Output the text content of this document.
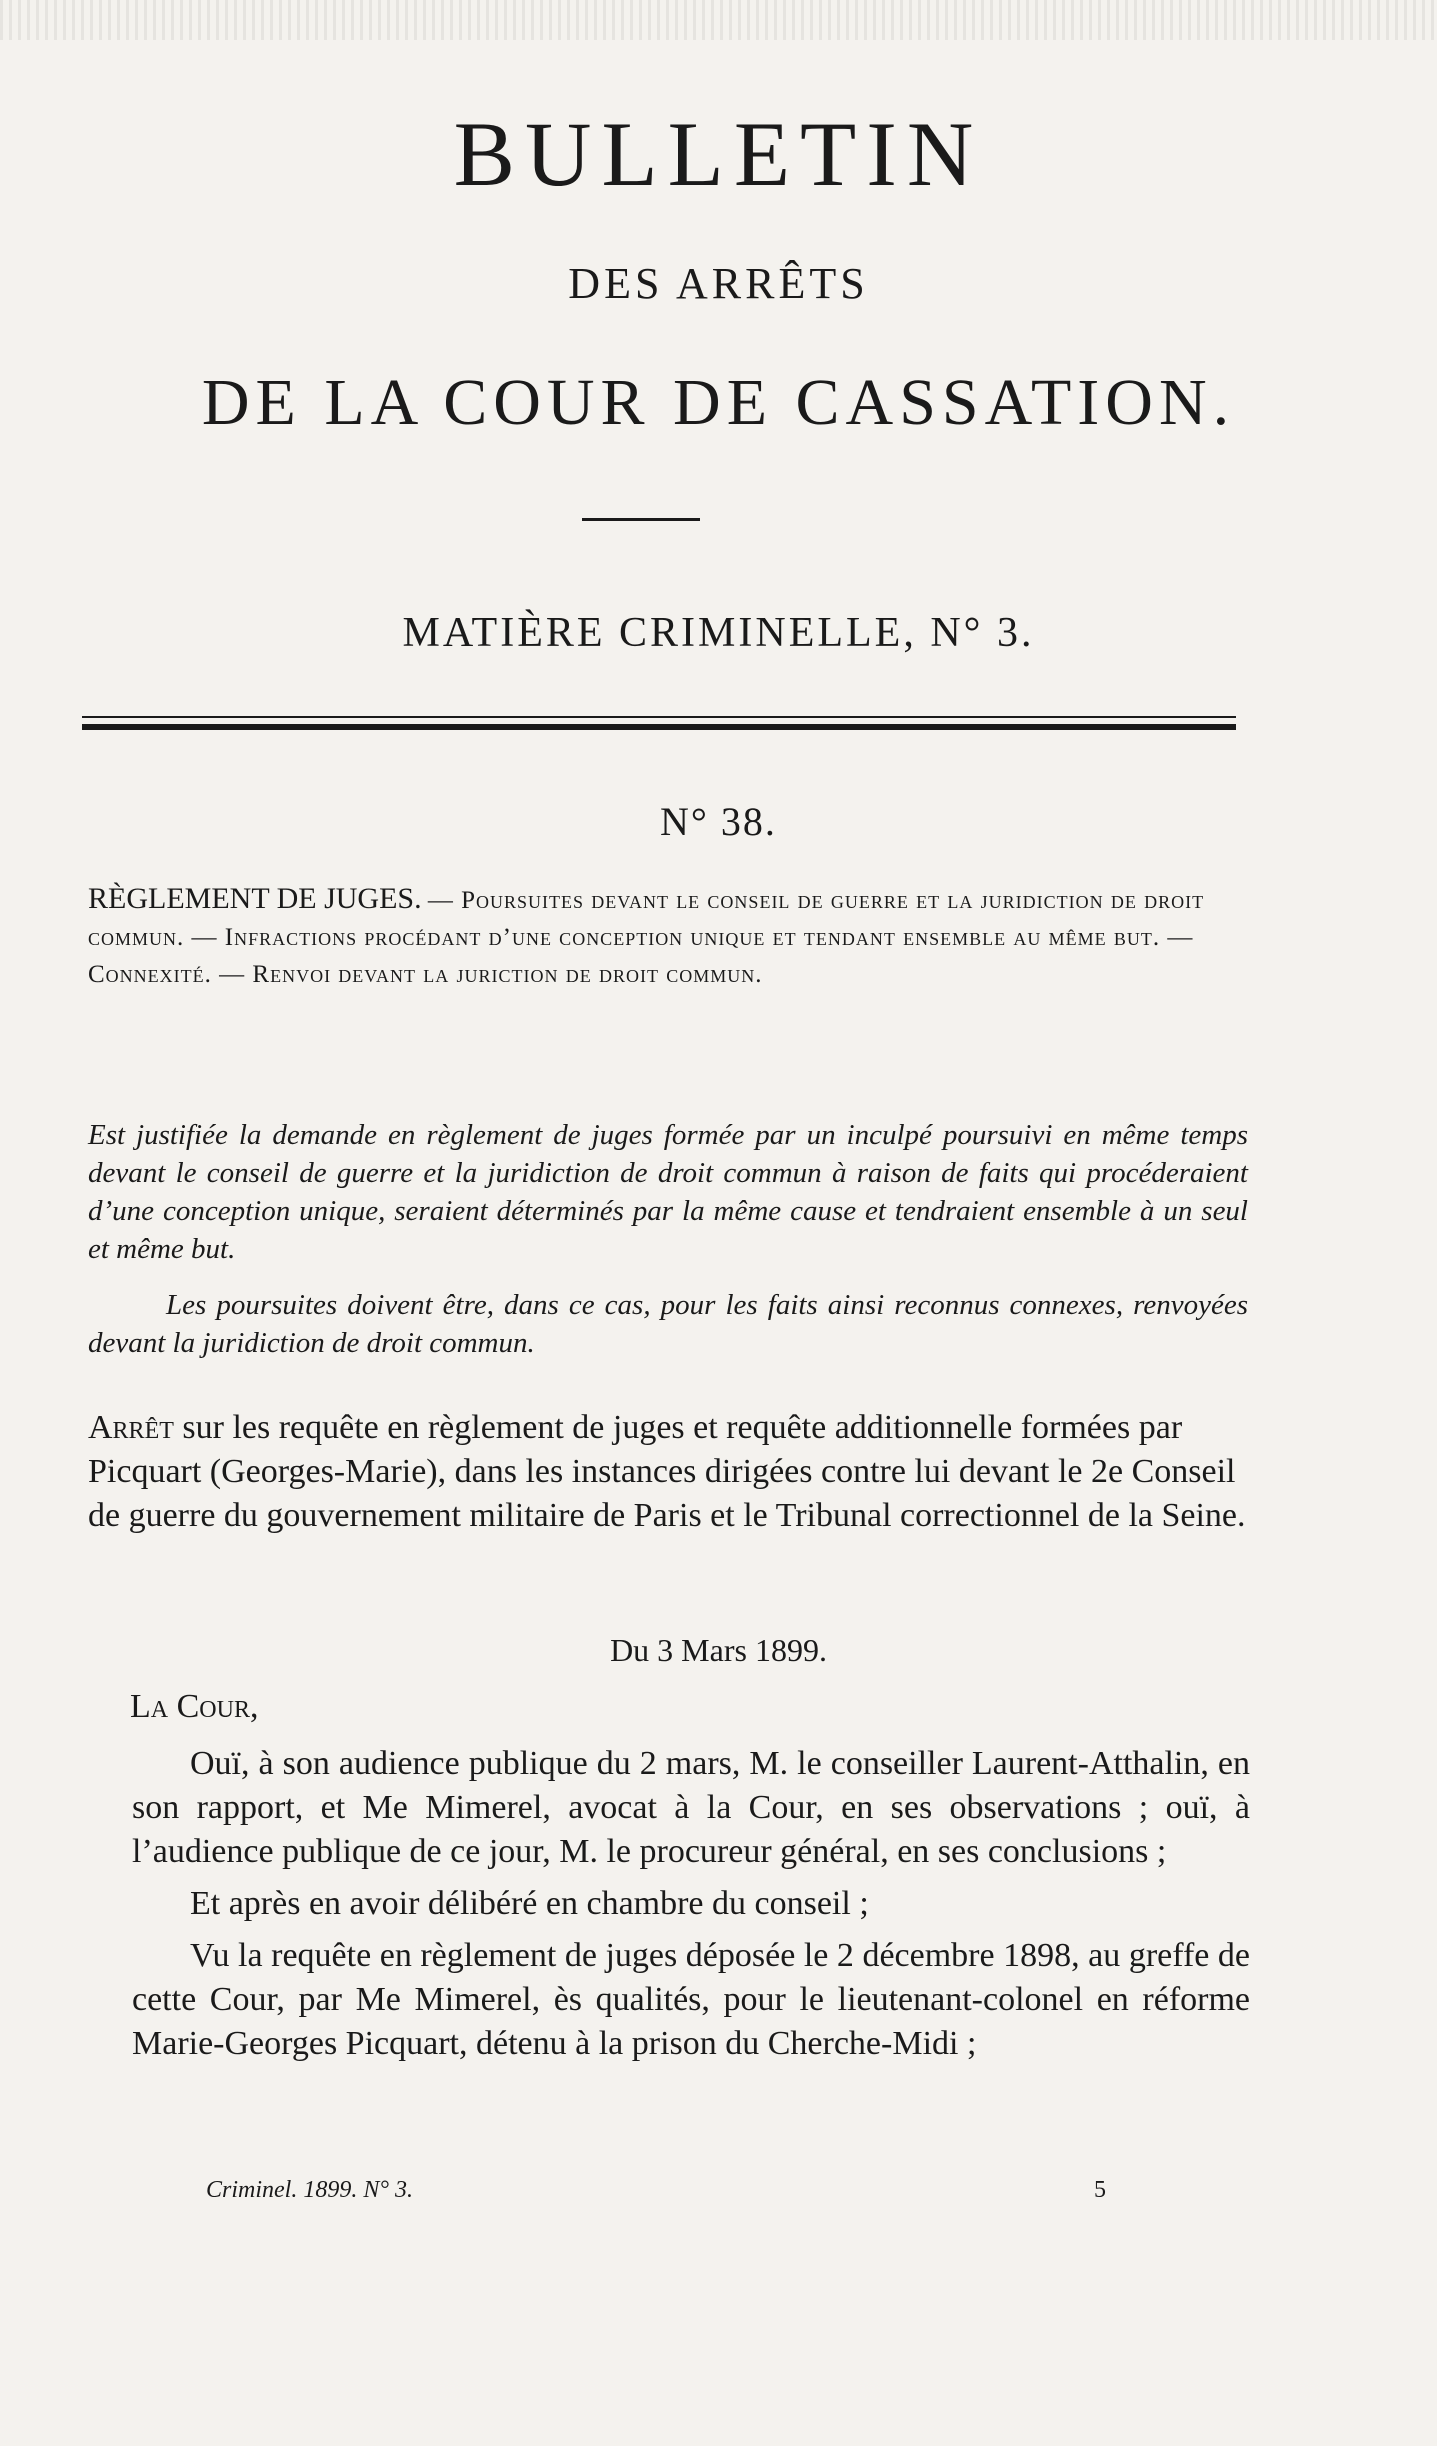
BULLETIN
DES ARRÊTS
DE LA COUR DE CASSATION.
MATIÈRE CRIMINELLE, N° 3.
N° 38.
RÈGLEMENT DE JUGES. — Poursuites devant le conseil de guerre et la juridiction de droit commun. — Infractions procédant d’une conception unique et tendant ensemble au même but. — Connexité. — Renvoi devant la juriction de droit commun.

Est justifiée la demande en règlement de juges formée par un inculpé poursuivi en même temps devant le conseil de guerre et la juridiction de droit commun à raison de faits qui procéderaient d’une conception unique, seraient déterminés par la même cause et tendraient ensemble à un seul et même but.

Les poursuites doivent être, dans ce cas, pour les faits ainsi reconnus connexes, renvoyées devant la juridiction de droit commun.

Arrêt sur les requête en règlement de juges et requête additionnelle formées par Picquart (Georges-Marie), dans les instances dirigées contre lui devant le 2e Conseil de guerre du gouvernement militaire de Paris et le Tribunal correctionnel de la Seine.
Du 3 Mars 1899.
La Cour,

Ouï, à son audience publique du 2 mars, M. le conseiller Laurent-Atthalin, en son rapport, et Me Mimerel, avocat à la Cour, en ses observations ; ouï, à l’audience publique de ce jour, M. le procureur général, en ses conclusions ;

Et après en avoir délibéré en chambre du conseil ;

Vu la requête en règlement de juges déposée le 2 décembre 1898, au greffe de cette Cour, par Me Mimerel, ès qualités, pour le lieutenant-colonel en réforme Marie-Georges Picquart, détenu à la prison du Cherche-Midi ;

Criminel. 1899. N° 3.	5
